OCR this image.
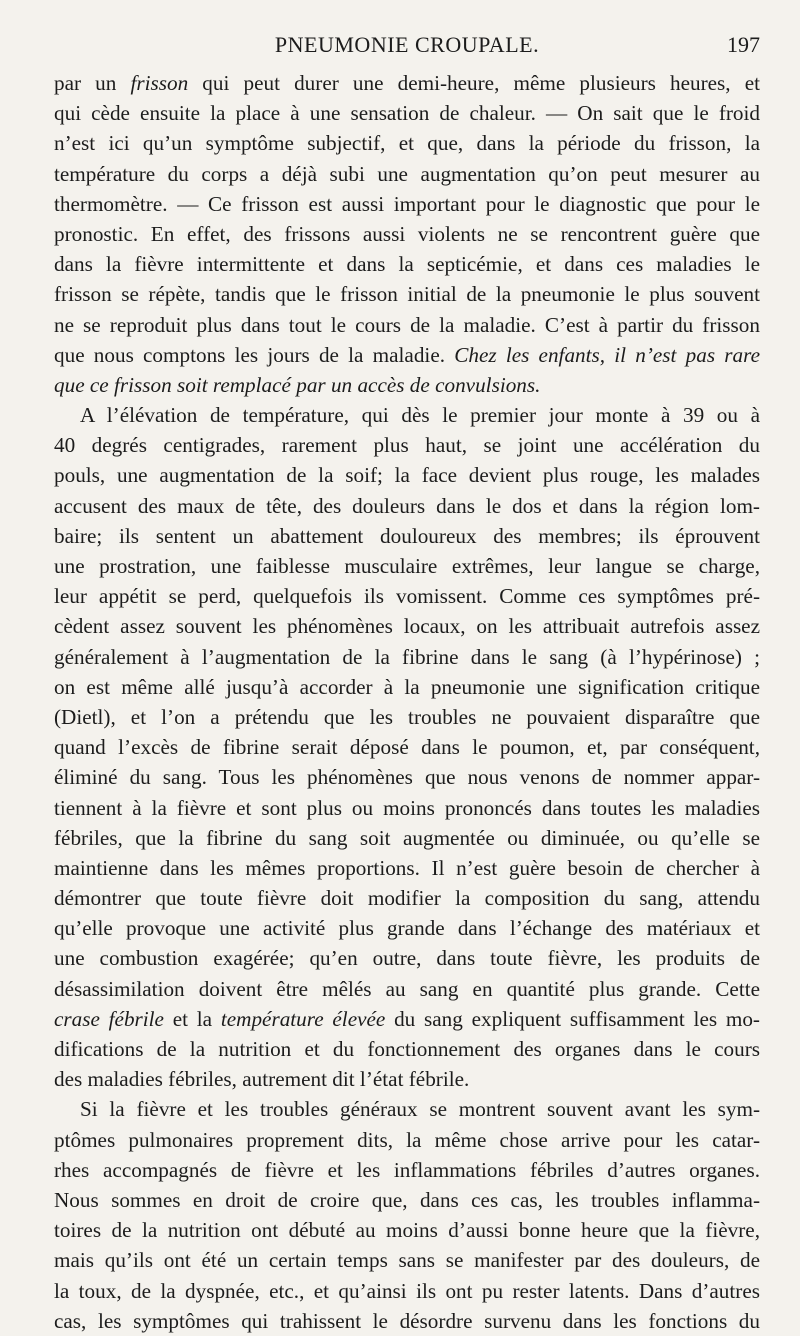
PNEUMONIE CROUPALE.	197
par un frisson qui peut durer une demi-heure, même plusieurs heures, et
qui cède ensuite la place à une sensation de chaleur. — On sait que le froid
n’est ici qu’un symptôme subjectif, et que, dans la période du frisson, la
température du corps a déjà subi une augmentation qu’on peut mesurer au
thermomètre. — Ce frisson est aussi important pour le diagnostic que pour le
pronostic. En effet, des frissons aussi violents ne se rencontrent guère que
dans la fièvre intermittente et dans la septicémie, et dans ces maladies le
frisson se répète, tandis que le frisson initial de la pneumonie le plus souvent
ne se reproduit plus dans tout le cours de la maladie. C’est à partir du frisson
que nous comptons les jours de la maladie. Chez les enfants, il n’est pas rare
que ce frisson soit remplacé par un accès de convulsions.
A l’élévation de température, qui dès le premier jour monte à 39 ou à
40 degrés centigrades, rarement plus haut, se joint une accélération du
pouls, une augmentation de la soif; la face devient plus rouge, les malades
accusent des maux de tête, des douleurs dans le dos et dans la région lom-
baire; ils sentent un abattement douloureux des membres; ils éprouvent
une prostration, une faiblesse musculaire extrêmes, leur langue se charge,
leur appétit se perd, quelquefois ils vomissent. Comme ces symptômes pré-
cèdent assez souvent les phénomènes locaux, on les attribuait autrefois assez
généralement à l’augmentation de la fibrine dans le sang (à l’hypérinose) ;
on est même allé jusqu’à accorder à la pneumonie une signification critique
(Dietl), et l’on a prétendu que les troubles ne pouvaient disparaître que
quand l’excès de fibrine serait déposé dans le poumon, et, par conséquent,
éliminé du sang. Tous les phénomènes que nous venons de nommer appar-
tiennent à la fièvre et sont plus ou moins prononcés dans toutes les maladies
fébriles, que la fibrine du sang soit augmentée ou diminuée, ou qu’elle se
maintienne dans les mêmes proportions. Il n’est guère besoin de chercher à
démontrer que toute fièvre doit modifier la composition du sang, attendu
qu’elle provoque une activité plus grande dans l’échange des matériaux et
une combustion exagérée; qu’en outre, dans toute fièvre, les produits de
désassimilation doivent être mêlés au sang en quantité plus grande. Cette
crase fébrile et la température élevée du sang expliquent suffisamment les mo-
difications de la nutrition et du fonctionnement des organes dans le cours
des maladies fébriles, autrement dit l’état fébrile.
Si la fièvre et les troubles généraux se montrent souvent avant les sym-
ptômes pulmonaires proprement dits, la même chose arrive pour les catar-
rhes accompagnés de fièvre et les inflammations fébriles d’autres organes.
Nous sommes en droit de croire que, dans ces cas, les troubles inflamma-
toires de la nutrition ont débuté au moins d’aussi bonne heure que la fièvre,
mais qu’ils ont été un certain temps sans se manifester par des douleurs, de
la toux, de la dyspnée, etc., et qu’ainsi ils ont pu rester latents. Dans d’autres
cas, les symptômes qui trahissent le désordre survenu dans les fonctions du
